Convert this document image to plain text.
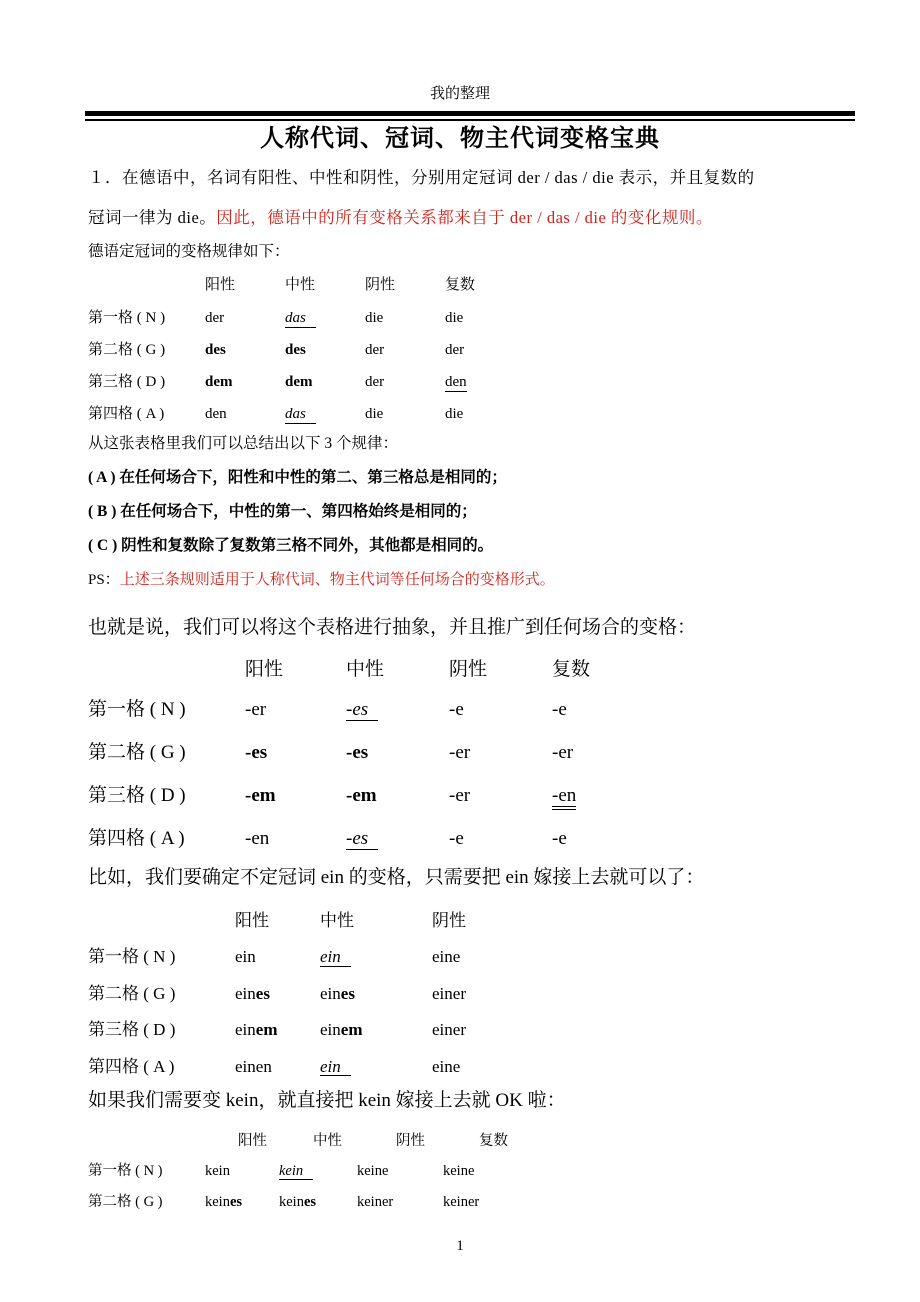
我的整理
人称代词、冠词、物主代词变格宝典
１．在德语中，名词有阳性、中性和阴性，分别用定冠词 der / das / die 表示，并且复数的
冠词一律为 die。因此，德语中的所有变格关系都来自于 der / das / die 的变化规则。
德语定冠词的变格规律如下：
阳性	中性	阴性	复数
第一格 ( N )	der	das	die	die
第二格 ( G )	des	des	der	der
第三格 ( D )	dem	dem	der	den
第四格 ( A )	den	das	die	die
从这张表格里我们可以总结出以下 3 个规律：
( A ) 在任何场合下，阳性和中性的第二、第三格总是相同的；
( B ) 在任何场合下，中性的第一、第四格始终是相同的；
( C ) 阴性和复数除了复数第三格不同外，其他都是相同的。
PS：上述三条规则适用于人称代词、物主代词等任何场合的变格形式。
也就是说，我们可以将这个表格进行抽象，并且推广到任何场合的变格：
阳性	中性	阴性	复数
第一格 ( N )	-er	-es	-e	-e
第二格 ( G )	-es	-es	-er	-er
第三格 ( D )	-em	-em	-er	-en
第四格 ( A )	-en	-es	-e	-e
比如，我们要确定不定冠词 ein 的变格，只需要把 ein 嫁接上去就可以了：
阳性	中性	阴性
第一格 ( N )	ein	ein	eine
第二格 ( G )	eines	eines	einer
第三格 ( D )	einem	einem	einer
第四格 ( A )	einen	ein	eine
如果我们需要变 kein，就直接把 kein 嫁接上去就 OK 啦：
阳性	中性	阴性	复数
第一格 ( N )	kein	kein	keine	keine
第二格 ( G )	keines	keines	keiner	keiner
1
